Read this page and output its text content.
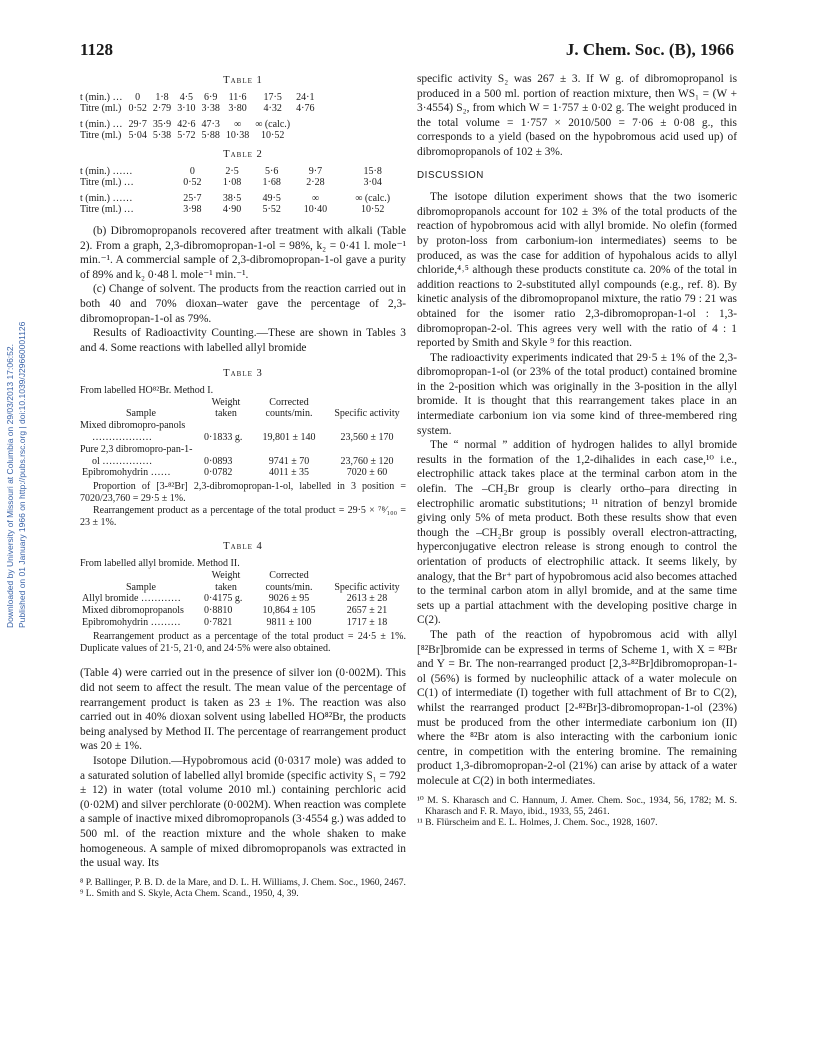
1128	J. Chem. Soc. (B), 1966
Downloaded by University of Missouri at Columbia on 29/03/2013 17:06:52. Published on 01 January 1966 on http://pubs.rsc.org | doi:10.1039/J29660001126
Table 1
t (min.) …	0	1·8	4·5	6·9	11·6	17·5	24·1
Titre (ml.)	0·52	2·79	3·10	3·38	3·80	4·32	4·76

t (min.) …	29·7	35·9	42·6	47·3	∞	∞ (calc.)	
Titre (ml.)	5·04	5·38	5·72	5·88	10·38	10·52	
Table 2
t (min.) ……	0	2·5	5·6	9·7	15·8
Titre (ml.) …	0·52	1·08	1·68	2·28	3·04

t (min.) ……	25·7	38·5	49·5	∞	∞ (calc.)
Titre (ml.) …	3·98	4·90	5·52	10·40	10·52

(b) Dibromopropanols recovered after treatment with alkali (Table 2). From a graph, 2,3-dibromopropan-1-ol = 98%, k₂ = 0·41 l. mole⁻¹ min.⁻¹. A commercial sample of 2,3-dibromopropan-1-ol gave a purity of 89% and k₂ 0·48 l. mole⁻¹ min.⁻¹.

(c) Change of solvent. The products from the reaction carried out in both 40 and 70% dioxan–water gave the percentage of 2,3-dibromopropan-1-ol as 79%.

Results of Radioactivity Counting.—These are shown in Tables 3 and 4. Some reactions with labelled allyl bromide

Table 3
From labelled HO⁸²Br. Method I.
Sample	Weight taken	Corrected counts/min.	Specific activity
Mixed dibromopro-panols ………………	0·1833 g.	19,801 ± 140	23,560 ± 170
Pure 2,3 dibromopro-pan-1-ol ……………	0·0893	9741 ± 70	23,760 ± 120
Epibromohydrin ……	0·0782	4011 ± 35	7020 ± 60
Proportion of [3-⁸²Br] 2,3-dibromopropan-1-ol, labelled in 3 position = 7020/23,760 = 29·5 ± 1%.
Rearrangement product as a percentage of the total product = 29·5 × ⁷⁸⁄₁₀₀ = 23 ± 1%.
Table 4
From labelled allyl bromide. Method II.
Sample	Weight taken	Corrected counts/min.	Specific activity
Allyl bromide …………	0·4175 g.	9026 ± 95	2613 ± 28
Mixed dibromopropanols	0·8810	10,864 ± 105	2657 ± 21
Epibromohydrin ………	0·7821	9811 ± 100	1717 ± 18
Rearrangement product as a percentage of the total product = 24·5 ± 1%. Duplicate values of 21·5, 21·0, and 24·5% were also obtained.

(Table 4) were carried out in the presence of silver ion (0·002M). This did not seem to affect the result. The mean value of the percentage of rearrangement product is taken as 23 ± 1%. The reaction was also carried out in 40% dioxan solvent using labelled HO⁸²Br, the products being analysed by Method II. The percentage of rearrangement product was 20 ± 1%.

Isotope Dilution.—Hypobromous acid (0·0317 mole) was added to a saturated solution of labelled allyl bromide (specific activity S₁ = 792 ± 12) in water (total volume 2010 ml.) containing perchloric acid (0·02M) and silver perchlorate (0·002M). When reaction was complete a sample of inactive mixed dibromopropanols (3·4554 g.) was added to 500 ml. of the reaction mixture and the whole shaken to make homogeneous. A sample of mixed dibromopropanols was extracted in the usual way. Its

⁸ P. Ballinger, P. B. D. de la Mare, and D. L. H. Williams, J. Chem. Soc., 1960, 2467.
⁹ L. Smith and S. Skyle, Acta Chem. Scand., 1950, 4, 39.

specific activity S₂ was 267 ± 3. If W g. of dibromopropanol is produced in a 500 ml. portion of reaction mixture, then WS₁ = (W + 3·4554) S₂, from which W = 1·757 ± 0·02 g. The weight produced in the total volume = 1·757 × 2010/500 = 7·06 ± 0·08 g., this corresponds to a yield (based on the hypobromous acid used up) of dibromopropanols of 102 ± 3%.

DISCUSSION

The isotope dilution experiment shows that the two isomeric dibromopropanols account for 102 ± 3% of the total products of the reaction of hypobromous acid with allyl bromide. No olefin (formed by proton-loss from carbonium-ion intermediates) seems to be produced, as was the case for addition of hypohalous acids to allyl chloride,⁴˒⁵ although these products constitute ca. 20% of the total in addition reactions to 2-substituted allyl compounds (e.g., ref. 8). By kinetic analysis of the dibromopropanol mixture, the ratio 79 : 21 was obtained for the isomer ratio 2,3-dibromopropan-1-ol : 1,3-dibromopropan-2-ol. This agrees very well with the ratio of 4 : 1 reported by Smith and Skyle ⁹ for this reaction.

The radioactivity experiments indicated that 29·5 ± 1% of the 2,3-dibromopropan-1-ol (or 23% of the total product) contained bromine in the 2-position which was originally in the 3-position in the allyl bromide. It is thought that this rearrangement takes place in an intermediate carbonium ion via some kind of three-membered ring system.

The “ normal ” addition of hydrogen halides to allyl bromide results in the formation of the 1,2-dihalides in each case,¹⁰ i.e., electrophilic attack takes place at the terminal carbon atom in the olefin. The –CH₂Br group is clearly ortho–para directing in electrophilic aromatic substitutions; ¹¹ nitration of benzyl bromide giving only 5% of meta product. Both these results show that even though the –CH₂Br group is possibly overall electron-attracting, hyperconjugative electron release is strong enough to control the orientation of products of electrophilic attack. It seems likely, by analogy, that the Br⁺ part of hypobromous acid also becomes attached to the terminal carbon atom in allyl bromide, and at the same time sets up a partial attachment with the developing positive charge in C(2).

The path of the reaction of hypobromous acid with allyl [⁸²Br]bromide can be expressed in terms of Scheme 1, with X = ⁸²Br and Y = Br. The non-rearranged product [2,3-⁸²Br]dibromopropan-1-ol (56%) is formed by nucleophilic attack of a water molecule on C(1) of intermediate (I) together with full attachment of Br to C(2), whilst the rearranged product [2-⁸²Br]3-dibromopropan-1-ol (23%) must be produced from the other intermediate carbonium ion (II) where the ⁸²Br atom is also interacting with the carbonium ionic centre, in competition with the entering bromine. The remaining product 1,3-dibromopropan-2-ol (21%) can arise by attack of a water molecule at C(2) in both intermediates.

¹⁰ M. S. Kharasch and C. Hannum, J. Amer. Chem. Soc., 1934, 56, 1782; M. S. Kharasch and F. R. Mayo, ibid., 1933, 55, 2461.
¹¹ B. Flürscheim and E. L. Holmes, J. Chem. Soc., 1928, 1607.
